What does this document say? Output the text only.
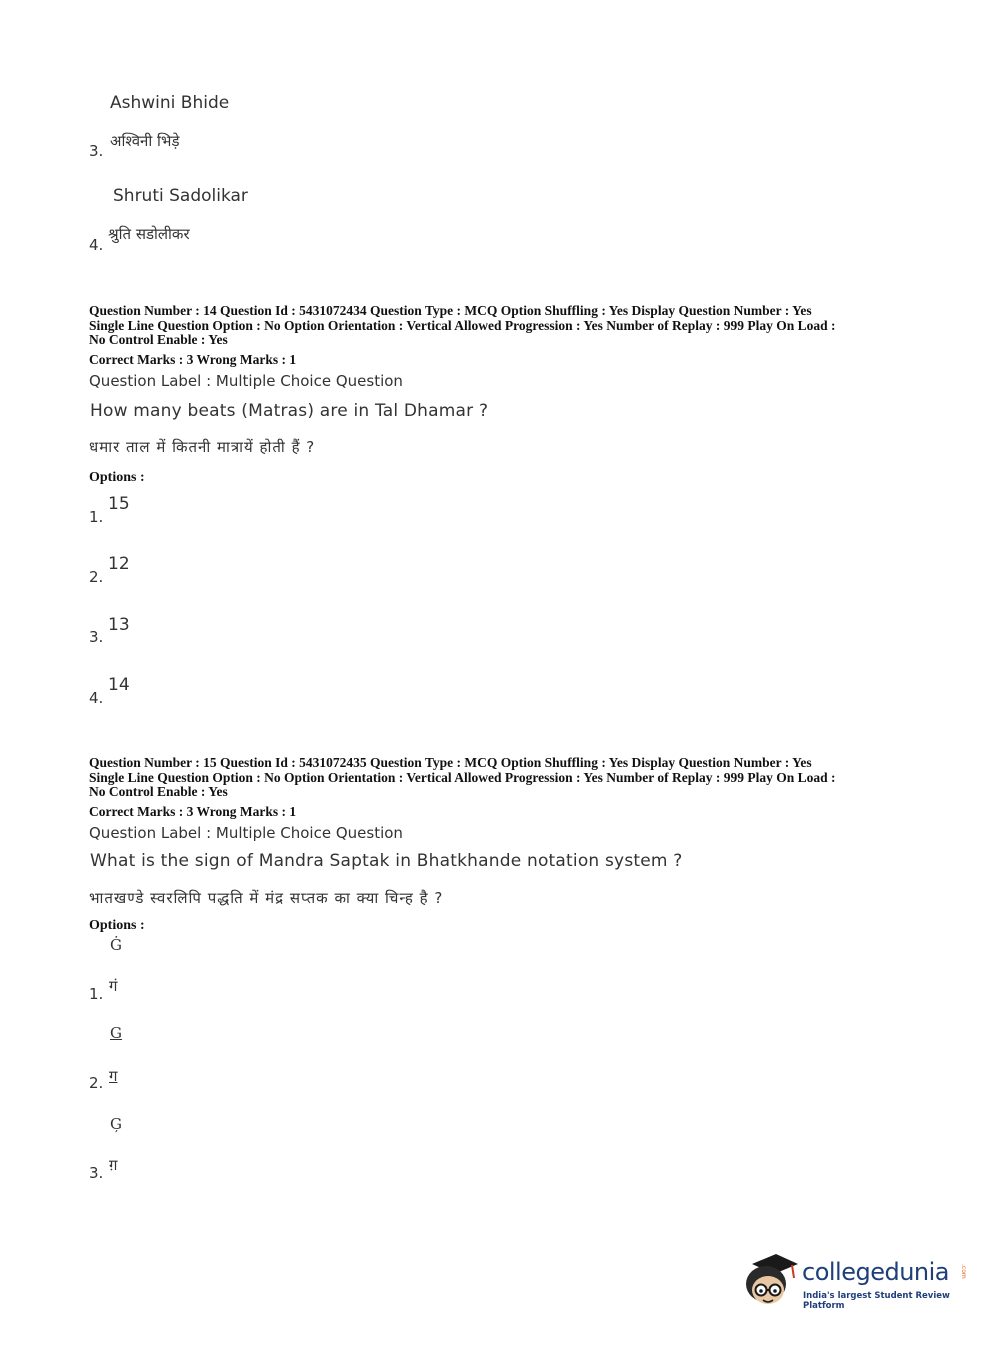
Ashwini Bhide
3.
अश्विनी भिड़े
Shruti Sadolikar
4.
श्रुति सडोलीकर
Question Number : 14 Question Id : 5431072434 Question Type : MCQ Option Shuffling : Yes Display Question Number : Yes
Single Line Question Option : No Option Orientation : Vertical Allowed Progression : Yes Number of Replay : 999 Play On Load :
No Control Enable : Yes
Correct Marks : 3 Wrong Marks : 1
Question Label : Multiple Choice Question
How many beats (Matras) are in Tal Dhamar ?
धमार ताल में कितनी मात्रायें होती हैं ?
Options :
1.
15
2.
12
3.
13
4.
14
Question Number : 15 Question Id : 5431072435 Question Type : MCQ Option Shuffling : Yes Display Question Number : Yes
Single Line Question Option : No Option Orientation : Vertical Allowed Progression : Yes Number of Replay : 999 Play On Load :
No Control Enable : Yes
Correct Marks : 3 Wrong Marks : 1
Question Label : Multiple Choice Question
What is the sign of Mandra Saptak in Bhatkhande notation system ?
भातखण्डे स्वरलिपि पद्धति में मंद्र सप्तक का क्या चिन्ह है ?
Options :
Ġ
1. गं
G
2. ग
Ģ
3. ग़
collegedunia .com
India's largest Student Review Platform
